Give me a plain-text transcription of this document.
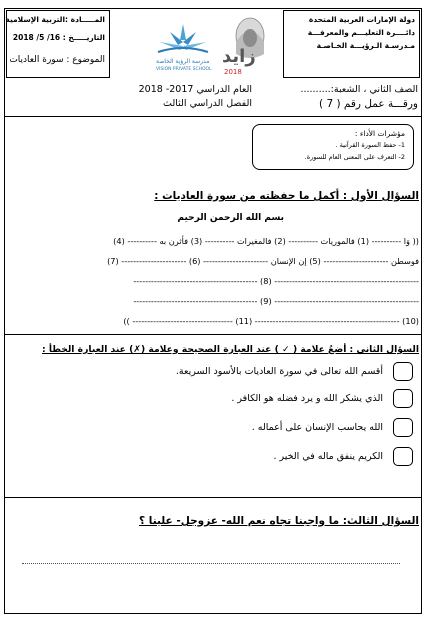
دولة الإمارات العربية المتحدة
دائــــرة التعليـــم والمعرفـــة
مـدرسـة الـرؤيـــة الخـاصـة
المـــــادة :التربية الإسلامية
التاريـــــخ : 16/ 5/ 2018
الموضوع : سورة العاديات	زايد
2018
مدرسة الرؤية الخاصة
VISION PRIVATE SCHOOL
الصف الثاني ، الشعبة:..........
ورقـــة عمل رقم ( 7 )
العام الدراسي 2017- 2018
الفصل الدراسي الثالث
مؤشرات الأداء :
1- حفظ السورة القرآنية .
2- التعرف على المعنى العام للسورة.
السؤال الأول : أكمل ما حفظته من سورة العاديات :
بسم الله الرحمن الرحيم
(( وَا ---------- (1) فالموريات ---------- (2) فالمغيرات ---------- (3) فأثرن به ---------- (4)
فوسطن ---------------------- (5) إن الإنسان ---------------------- (6) ---------------------- (7)
------------------------------------------------- (8) ------------------------------------------
------------------------------------------------- (9) ------------------------------------------
(10) ------------------------------------------------- (11) ---------------------------------- ))
السؤال الثاني : أضعُ علامة ( ✓ ) عند العبارة الصحيحة وعلامة (✗) عند العبارة الخطأ :
أقسم الله تعالى في سورة العاديات بالأسود السريعة.
الذي يشكر الله و يرد فضله هو الكافر .
الله يحاسب الإنسان على أعماله .
الكريم ينفق ماله في الخير .
السؤال الثالث: ما واجبنا تجاه نعم الله- عزوجل- علينا ؟
